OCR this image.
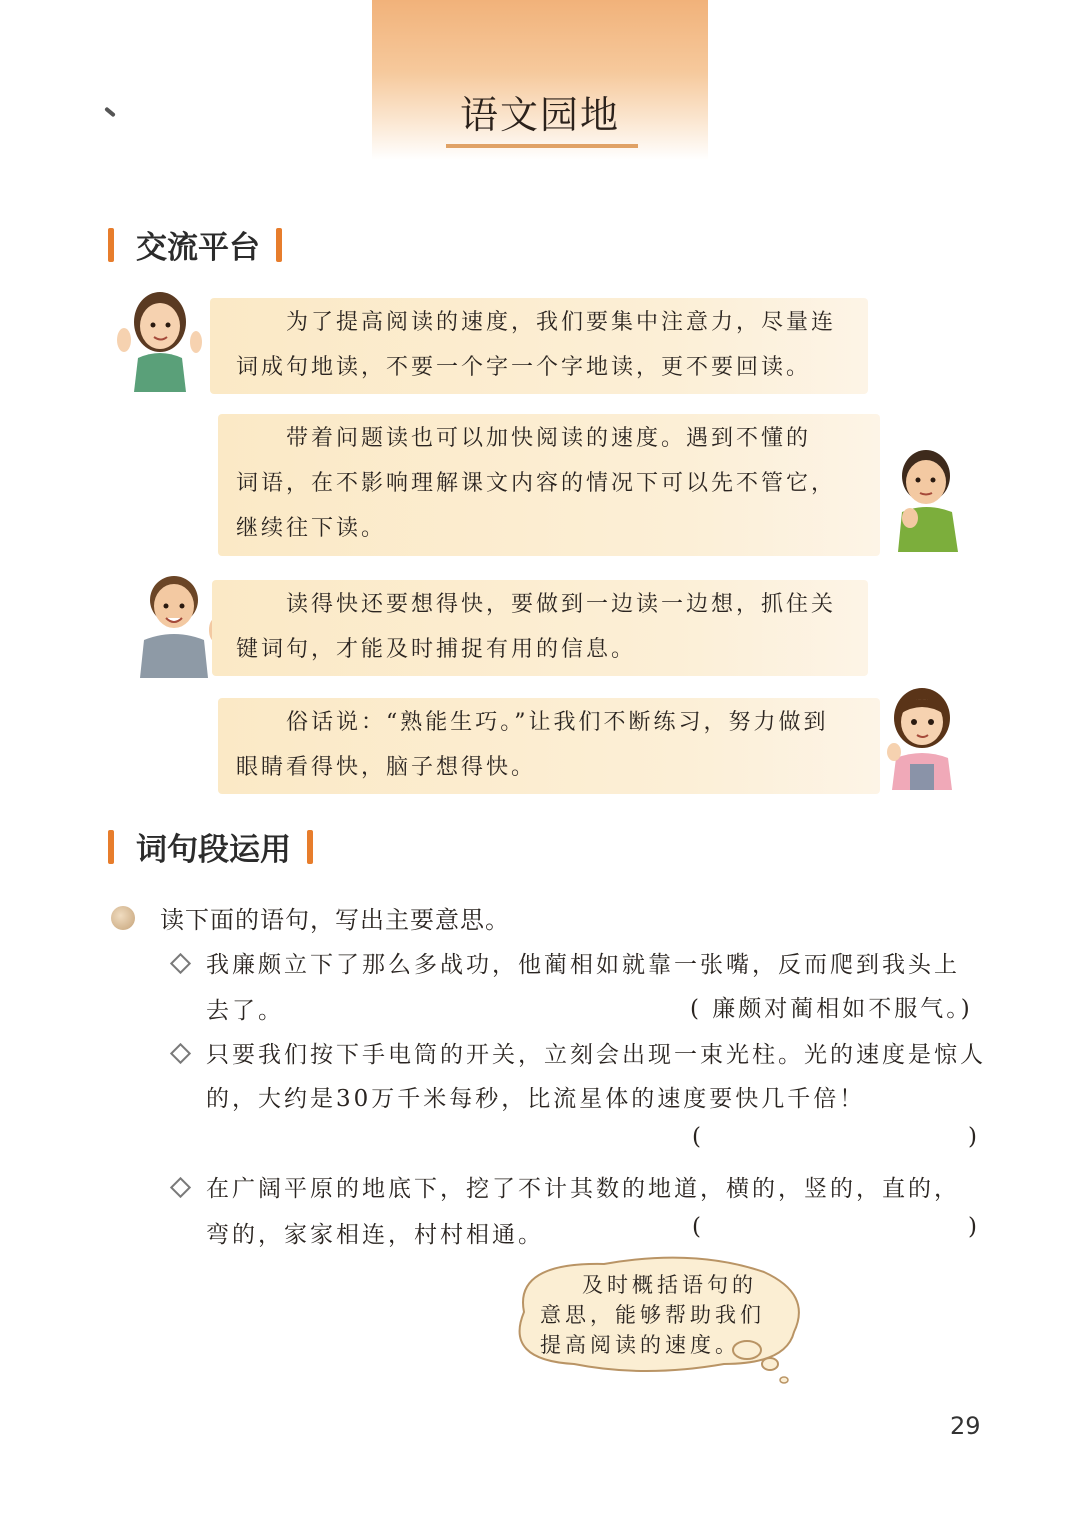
语文园地
交流平台
为了提高阅读的速度，我们要集中注意力，尽量连
词成句地读，不要一个字一个字地读，更不要回读。
带着问题读也可以加快阅读的速度。遇到不懂的
词语，在不影响理解课文内容的情况下可以先不管它，
继续往下读。
读得快还要想得快，要做到一边读一边想，抓住关
键词句，才能及时捕捉有用的信息。
俗话说：“熟能生巧。”让我们不断练习，努力做到
眼睛看得快，脑子想得快。
词句段运用
读下面的语句，写出主要意思。
我廉颇立下了那么多战功，他蔺相如就靠一张嘴，反而爬到我头上
去了。	( 廉颇对蔺相如不服气。)
只要我们按下手电筒的开关，立刻会出现一束光柱。光的速度是惊人
的，大约是30万千米每秒，比流星体的速度要快几千倍！
(	)
在广阔平原的地底下，挖了不计其数的地道，横的，竖的，直的，
弯的，家家相连，村村相通。	(	)
及时概括语句的
意思，能够帮助我们
提高阅读的速度。
29
